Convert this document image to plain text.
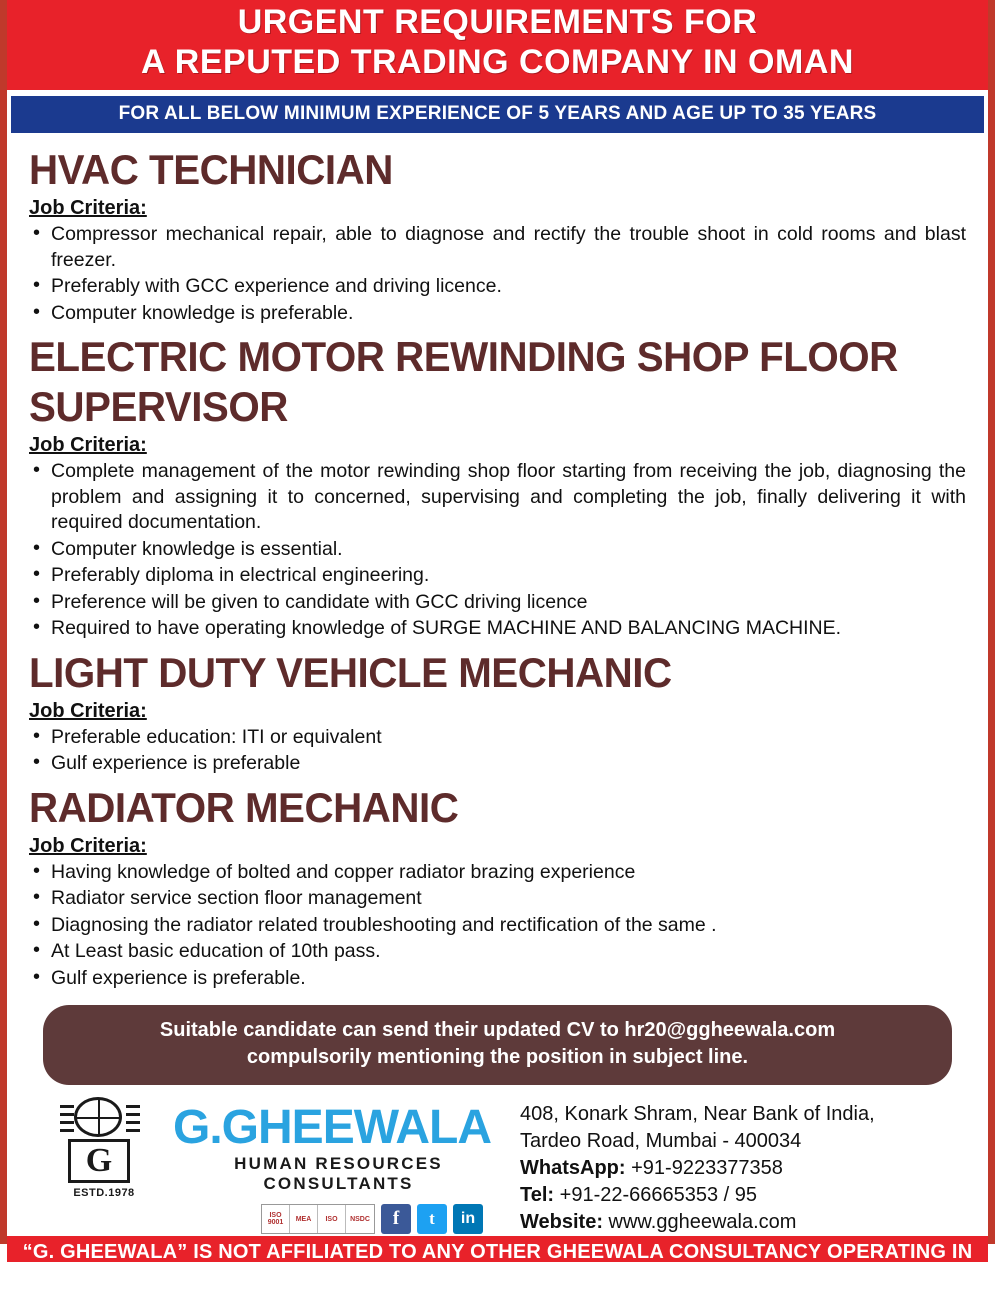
URGENT REQUIREMENTS FOR
A REPUTED TRADING COMPANY IN OMAN
FOR ALL BELOW MINIMUM EXPERIENCE OF 5 YEARS AND AGE UP TO 35 YEARS
HVAC TECHNICIAN
Job Criteria:
• Compressor mechanical repair, able to diagnose and rectify the trouble shoot in cold rooms and blast freezer.
• Preferably with GCC experience and driving licence.
• Computer knowledge is preferable.
ELECTRIC MOTOR REWINDING SHOP FLOOR SUPERVISOR
Job Criteria:
• Complete management of the motor rewinding shop floor starting from receiving the job, diagnosing the problem and assigning it to concerned, supervising and completing the job, finally delivering it with required documentation.
• Computer knowledge is essential.
• Preferably diploma in electrical engineering.
• Preference will be given to candidate with GCC driving licence
• Required to have operating knowledge of SURGE MACHINE AND BALANCING MACHINE.
LIGHT DUTY VEHICLE MECHANIC
Job Criteria:
• Preferable education: ITI or equivalent
• Gulf experience is preferable
RADIATOR MECHANIC
Job Criteria:
• Having knowledge of bolted and copper radiator brazing experience
• Radiator service section floor management
• Diagnosing the radiator related troubleshooting and rectification of the same .
• At Least basic education of 10th pass.
• Gulf experience is preferable.
Suitable candidate can send their updated CV to hr20@ggheewala.com
compulsorily mentioning the position in subject line.
G
ESTD.1978
G.GHEEWALA
HUMAN RESOURCES CONSULTANTS
ISO 9001	MEA	ISO	NSDC	f	t	in
408, Konark Shram, Near Bank of India,
Tardeo Road, Mumbai - 400034
WhatsApp: +91-9223377358
Tel: +91-22-66665353 / 95
Website: www.ggheewala.com
“G. GHEEWALA” IS NOT AFFILIATED TO ANY OTHER GHEEWALA CONSULTANCY OPERATING IN INDIA
